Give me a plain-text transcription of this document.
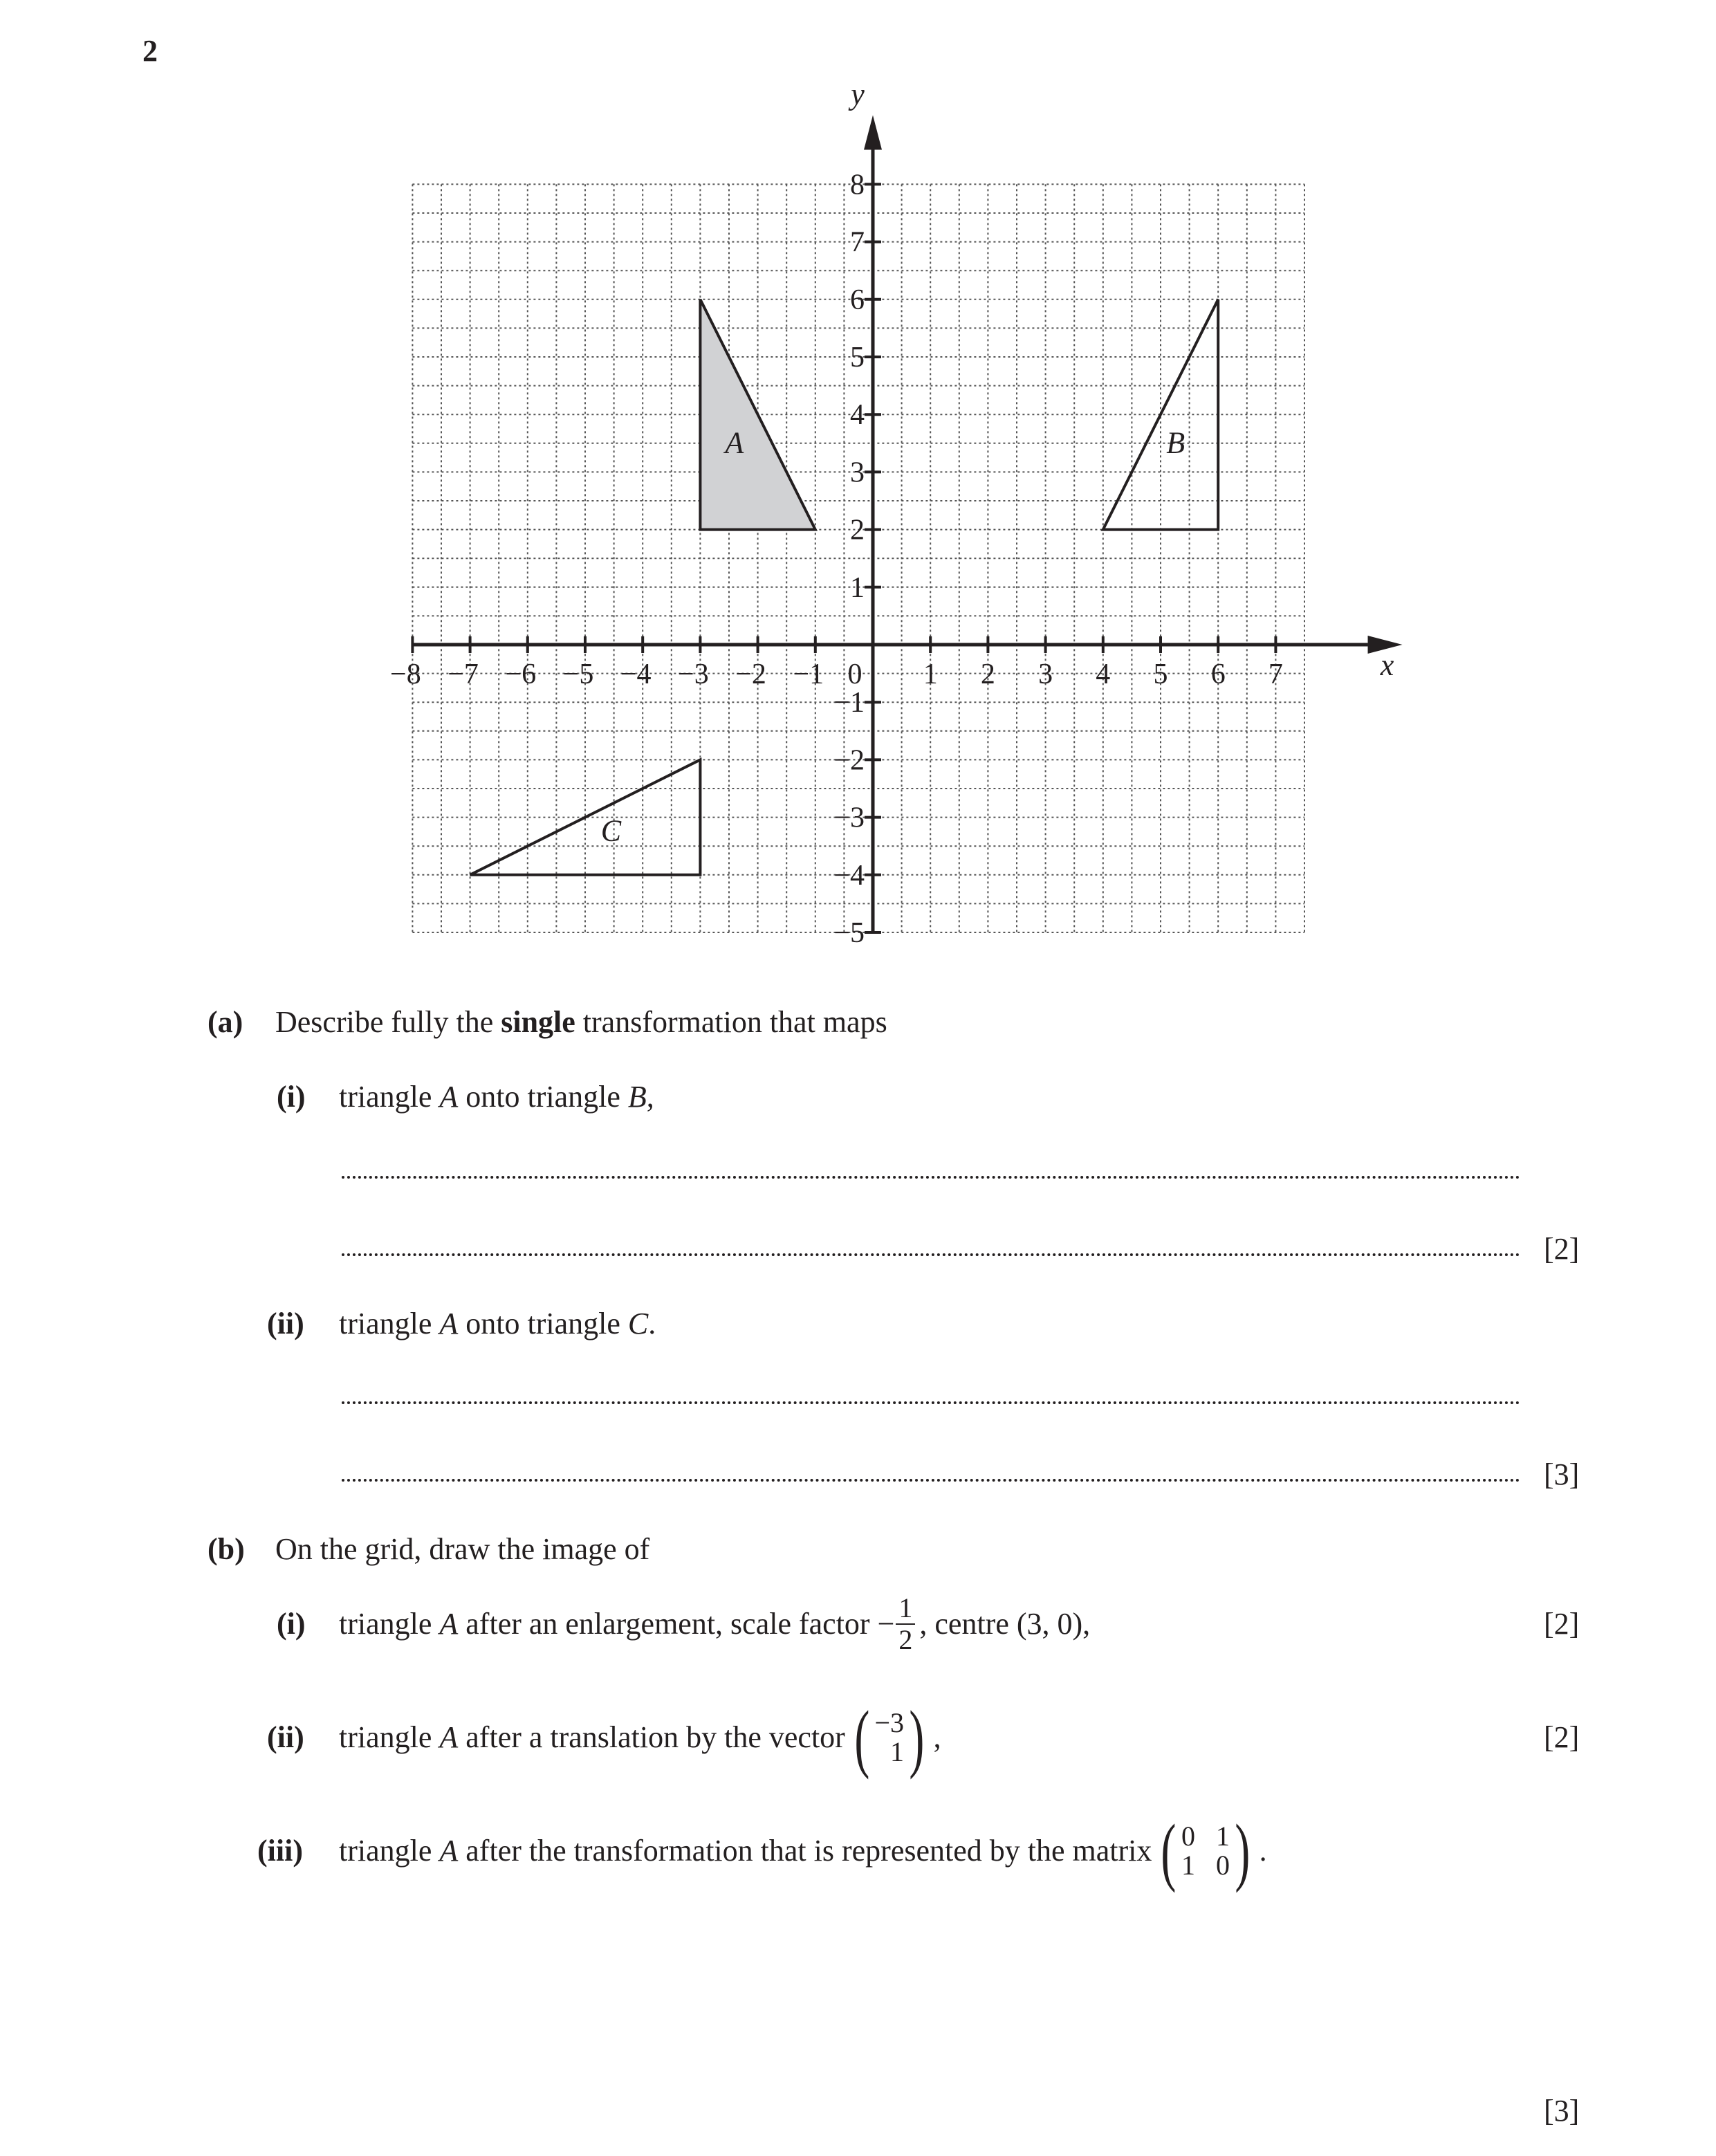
2
A	B
C
−8 −7 −6 −5 −4 −3 −2 −1 0 1 2 3 4 5 6 7
8
7
6
5
4
3
2
1
−1
−2
−3
−4
−5
x
y
(a) Describe fully the single transformation that maps
(i) triangle A onto triangle B,
[2]
(ii) triangle A onto triangle C.
[3]
(b) On the grid, draw the image of
(i) triangle A after an enlargement, scale factor − $\frac{1}{2}$ , centre (3, 0),	[2]
(ii) triangle A after a translation by the vector ( −3
1 ) ,	[2]
(iii) triangle A after the transformation that is represented by the matrix ( 0 1
1 0 ) .
[3]
